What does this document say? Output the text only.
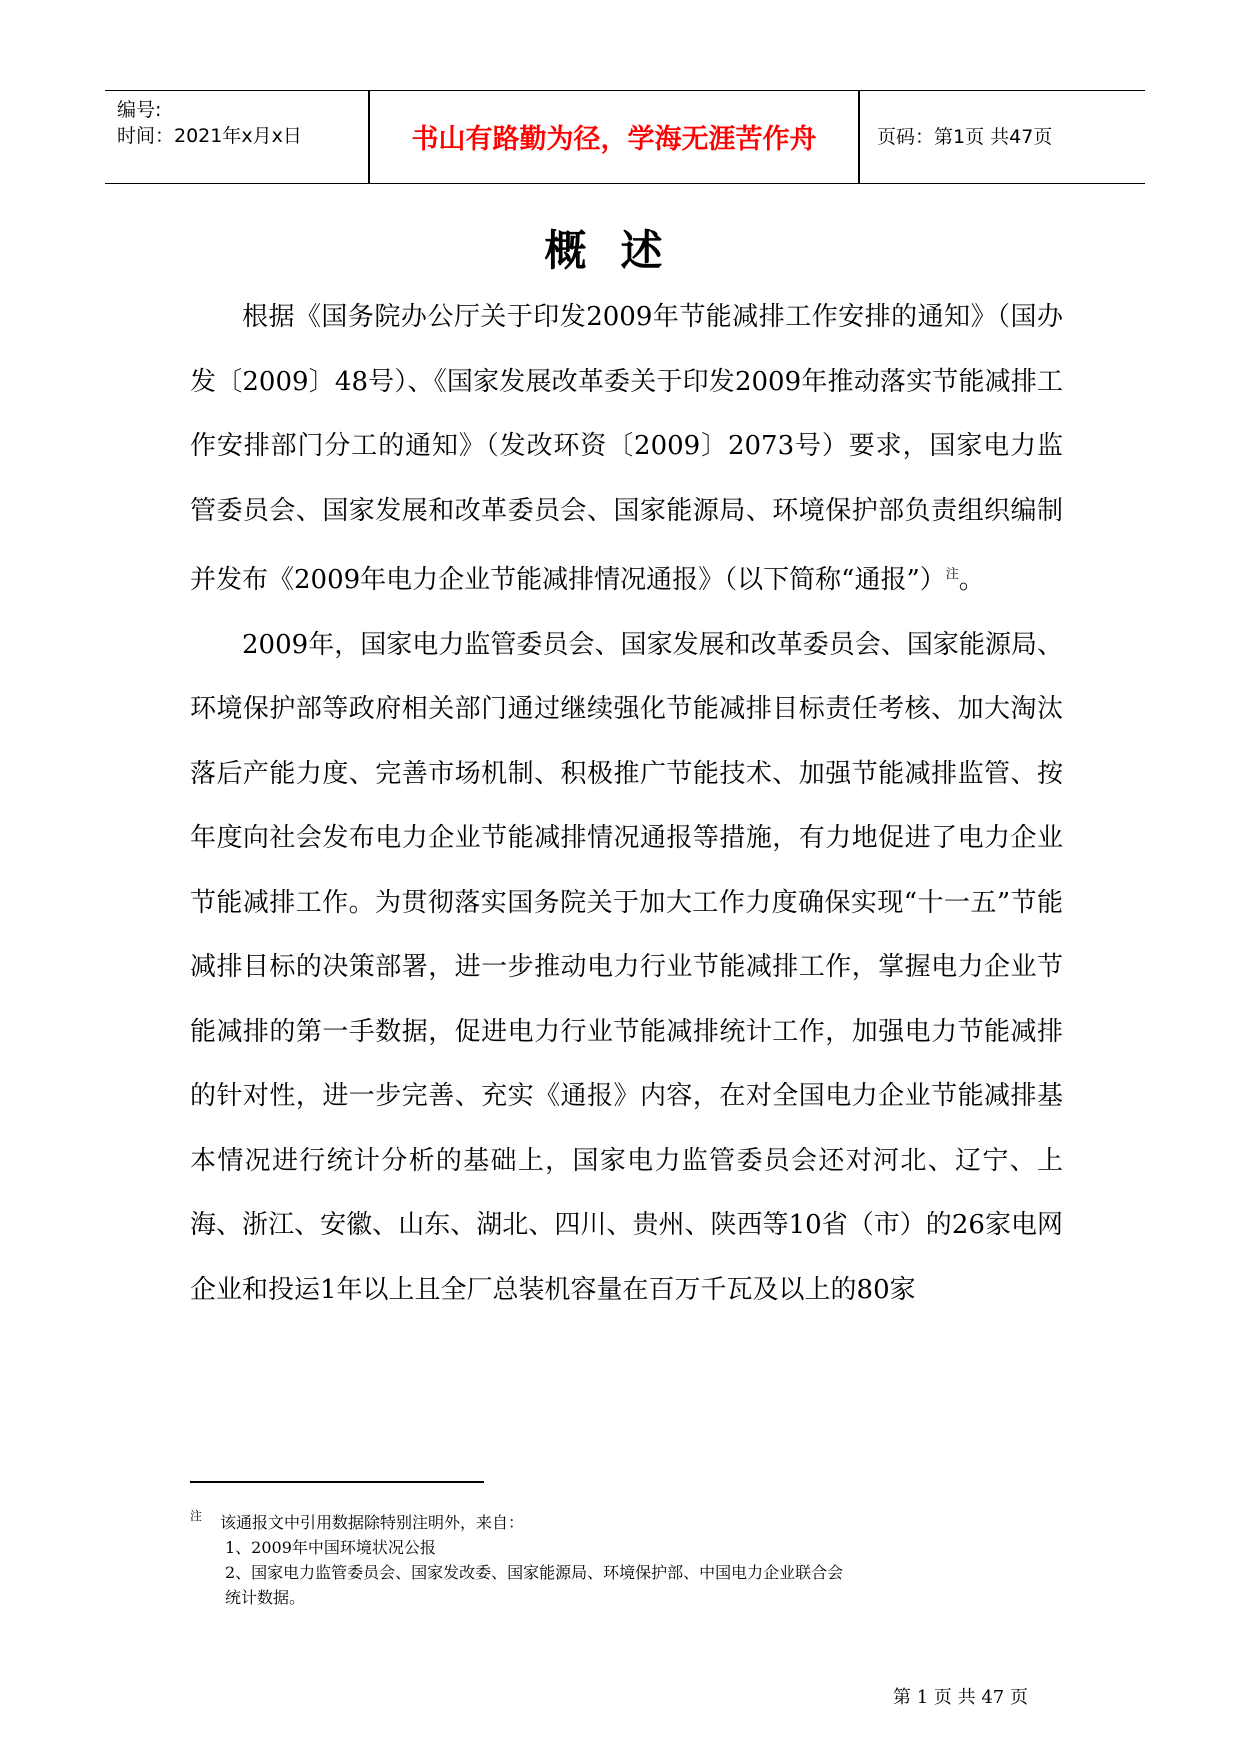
编号:
时间：2021年x月x日	书山有路勤为径，学海无涯苦作舟	页码：第1页 共47页
概述

根据《国务院办公厅关于印发2009年节能减排工作安排的通知》（国办发〔2009〕48号）、《国家发展改革委关于印发2009年推动落实节能减排工作安排部门分工的通知》（发改环资〔2009〕2073号）要求，国家电力监管委员会、国家发展和改革委员会、国家能源局、环境保护部负责组织编制并发布《2009年电力企业节能减排情况通报》（以下简称“通报”）$^注$。

2009年，国家电力监管委员会、国家发展和改革委员会、国家能源局、环境保护部等政府相关部门通过继续强化节能减排目标责任考核、加大淘汰落后产能力度、完善市场机制、积极推广节能技术、加强节能减排监管、按年度向社会发布电力企业节能减排情况通报等措施，有力地促进了电力企业节能减排工作。为贯彻落实国务院关于加大工作力度确保实现“十一五”节能减排目标的决策部署，进一步推动电力行业节能减排工作，掌握电力企业节能减排的第一手数据，促进电力行业节能减排统计工作，加强电力节能减排的针对性，进一步完善、充实《通报》内容，在对全国电力企业节能减排基本情况进行统计分析的基础上，国家电力监管委员会还对河北、辽宁、上海、浙江、安徽、山东、湖北、四川、贵州、陕西等10省（市）的26家电网企业和投运1年以上且全厂总装机容量在百万千瓦及以上的80家

注 该通报文中引用数据除特别注明外，来自：
1、2009年中国环境状况公报
2、国家电力监管委员会、国家发改委、国家能源局、环境保护部、中国电力企业联合会
统计数据。
第 1 页 共 47 页
